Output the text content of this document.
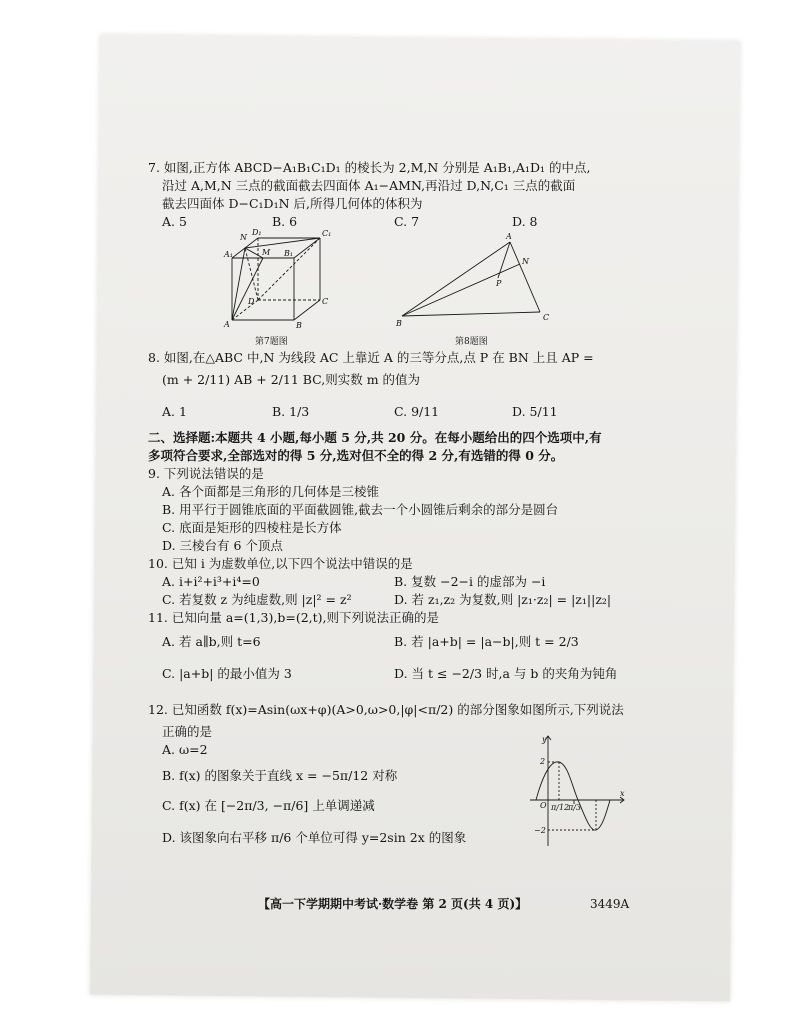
7. 如图,正方体 ABCD−A₁B₁C₁D₁ 的棱长为 2,M,N 分别是 A₁B₁,A₁D₁ 的中点,
沿过 A,M,N 三点的截面截去四面体 A₁−AMN,再沿过 D,N,C₁ 三点的截面
截去四面体 D−C₁D₁N 后,所得几何体的体积为
A. 5	B. 6	C. 7	D. 8
N
D₁	C₁
M
A₁	B₁
D	C
A	B
第7题图
A
N
P
B
C
第8题图
8. 如图,在△ABC 中,N 为线段 AC 上靠近 A 的三等分点,点 P 在 BN 上且 AP =
(m + 2/11) AB + 2/11 BC,则实数 m 的值为
A. 1	B. 1/3	C. 9/11	D. 5/11
二、选择题:本题共 4 小题,每小题 5 分,共 20 分。在每小题给出的四个选项中,有
多项符合要求,全部选对的得 5 分,选对但不全的得 2 分,有选错的得 0 分。
9. 下列说法错误的是
A. 各个面都是三角形的几何体是三棱锥
B. 用平行于圆锥底面的平面截圆锥,截去一个小圆锥后剩余的部分是圆台
C. 底面是矩形的四棱柱是长方体
D. 三棱台有 6 个顶点
10. 已知 i 为虚数单位,以下四个说法中错误的是
A. i+i²+i³+i⁴=0	B. 复数 −2−i 的虚部为 −i
C. 若复数 z 为纯虚数,则 |z|² = z²	D. 若 z₁,z₂ 为复数,则 |z₁·z₂| = |z₁||z₂|
11. 已知向量 a=(1,3),b=(2,t),则下列说法正确的是
A. 若 a∥b,则 t=6	B. 若 |a+b| = |a−b|,则 t = 2/3
C. |a+b| 的最小值为 3	D. 当 t ≤ −2/3 时,a 与 b 的夹角为钝角
12. 已知函数 f(x)=Asin(ωx+φ)(A>0,ω>0,|φ|<π/2) 的部分图象如图所示,下列说法
正确的是
A. ω=2
B. f(x) 的图象关于直线 x = −5π/12 对称
C. f(x) 在 [−2π/3, −π/6] 上单调递减
D. 该图象向右平移 π/6 个单位可得 y=2sin 2x 的图象
y
x
O
2
−2
π/12
π/3
【高一下学期期中考试·数学卷 第 2 页(共 4 页)】	3449A
